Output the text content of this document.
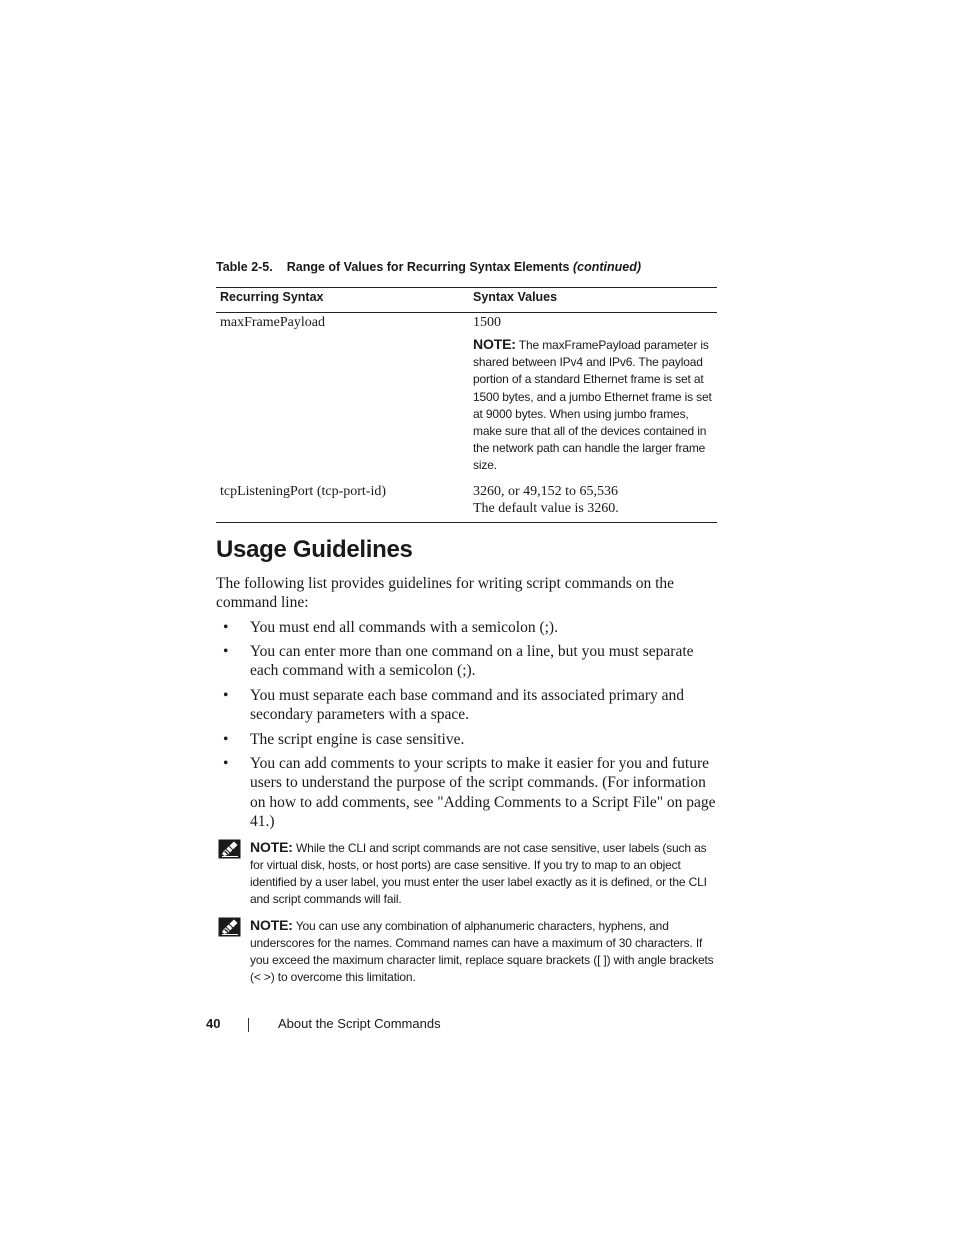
Table 2-5. Range of Values for Recurring Syntax Elements (continued)
Recurring Syntax	Syntax Values
maxFramePayload	1500
NOTE: The maxFramePayload parameter is shared between IPv4 and IPv6. The payload portion of a standard Ethernet frame is set at 1500 bytes, and a jumbo Ethernet frame is set at 9000 bytes. When using jumbo frames, make sure that all of the devices contained in the network path can handle the larger frame size.
tcpListeningPort (tcp-port-id)	3260, or 49,152 to 65,536
The default value is 3260.
Usage Guidelines
The following list provides guidelines for writing script commands on the command line:
• You must end all commands with a semicolon (;).
• You can enter more than one command on a line, but you must separate each command with a semicolon (;).
• You must separate each base command and its associated primary and secondary parameters with a space.
• The script engine is case sensitive.
• You can add comments to your scripts to make it easier for you and future users to understand the purpose of the script commands. (For information on how to add comments, see "Adding Comments to a Script File" on page 41.)
NOTE: While the CLI and script commands are not case sensitive, user labels (such as for virtual disk, hosts, or host ports) are case sensitive. If you try to map to an object identified by a user label, you must enter the user label exactly as it is defined, or the CLI and script commands will fail.
NOTE: You can use any combination of alphanumeric characters, hyphens, and underscores for the names. Command names can have a maximum of 30 characters. If you exceed the maximum character limit, replace square brackets ([ ]) with angle brackets (< >) to overcome this limitation.
40	About the Script Commands
